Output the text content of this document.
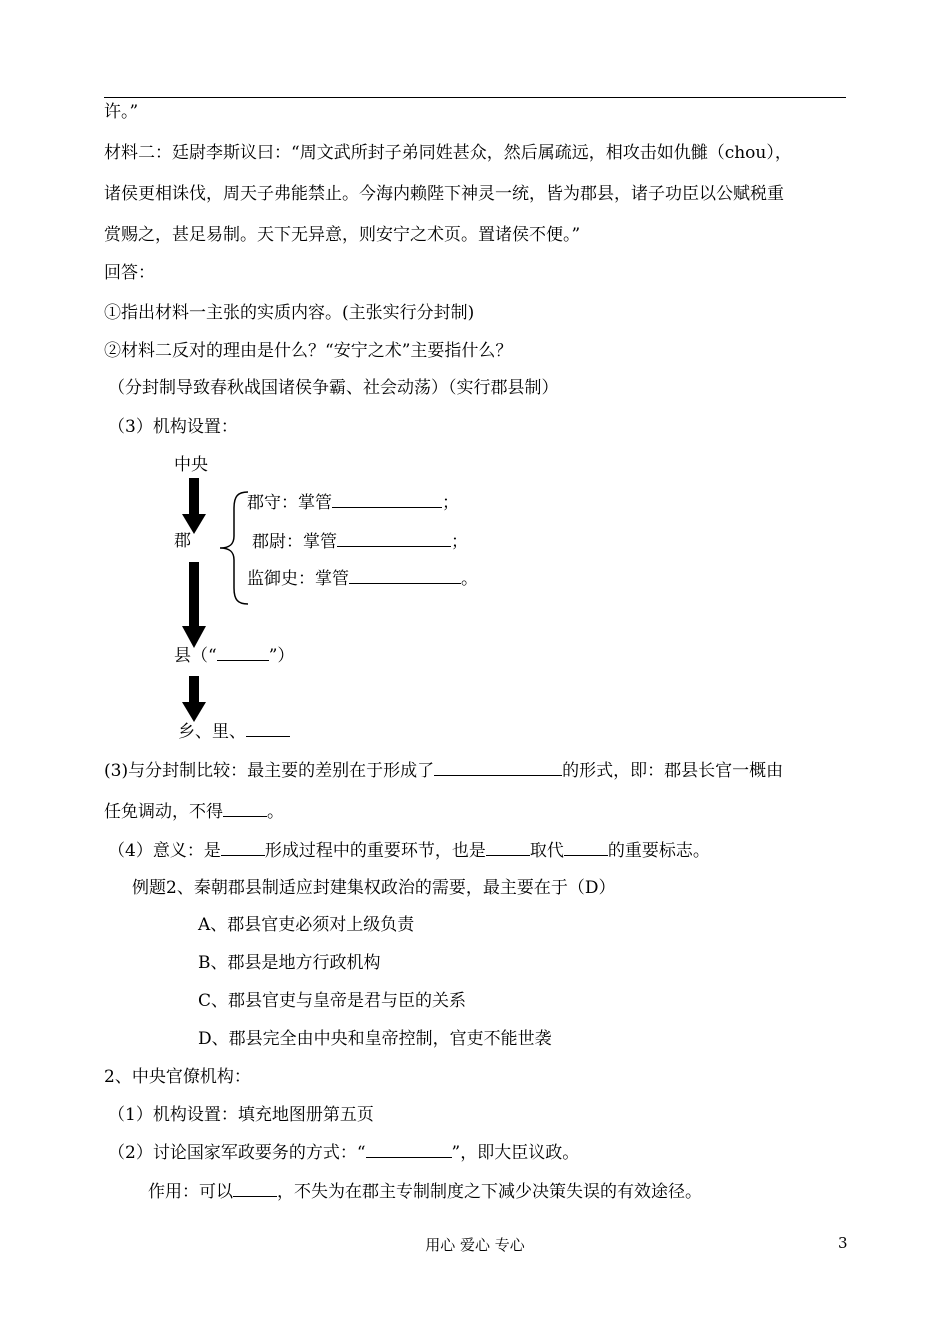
许。”
材料二：廷尉李斯议曰：“周文武所封子弟同姓甚众，然后属疏远，相攻击如仇雠（chou），
诸侯更相诛伐，周天子弗能禁止。今海内赖陛下神灵一统，皆为郡县，诸子功臣以公赋税重
赏赐之，甚足易制。天下无异意，则安宁之术页。置诸侯不便。”
回答：
①指出材料一主张的实质内容。(主张实行分封制)
②材料二反对的理由是什么？“安宁之术”主要指什么？
（分封制导致春秋战国诸侯争霸、社会动荡）（实行郡县制）
（3）机构设置：
中央
郡
郡守：掌管	；
郡尉：掌管	；
监御史：掌管	。
县（“	”）
乡、里、
(3)与分封制比较：最主要的差别在于形成了	的形式，即：郡县长官一概由
任免调动，不得	。
（4）意义：是	形成过程中的重要环节，也是	取代	的重要标志。
例题2、秦朝郡县制适应封建集权政治的需要，最主要在于（D）
A、郡县官吏必须对上级负责
B、郡县是地方行政机构
C、郡县官吏与皇帝是君与臣的关系
D、郡县完全由中央和皇帝控制，官吏不能世袭
2、中央官僚机构：
（1）机构设置：填充地图册第五页
（2）讨论国家军政要务的方式：“	”，即大臣议政。
作用：可以	，不失为在郡主专制制度之下减少决策失误的有效途径。
用心 爱心 专心	3
